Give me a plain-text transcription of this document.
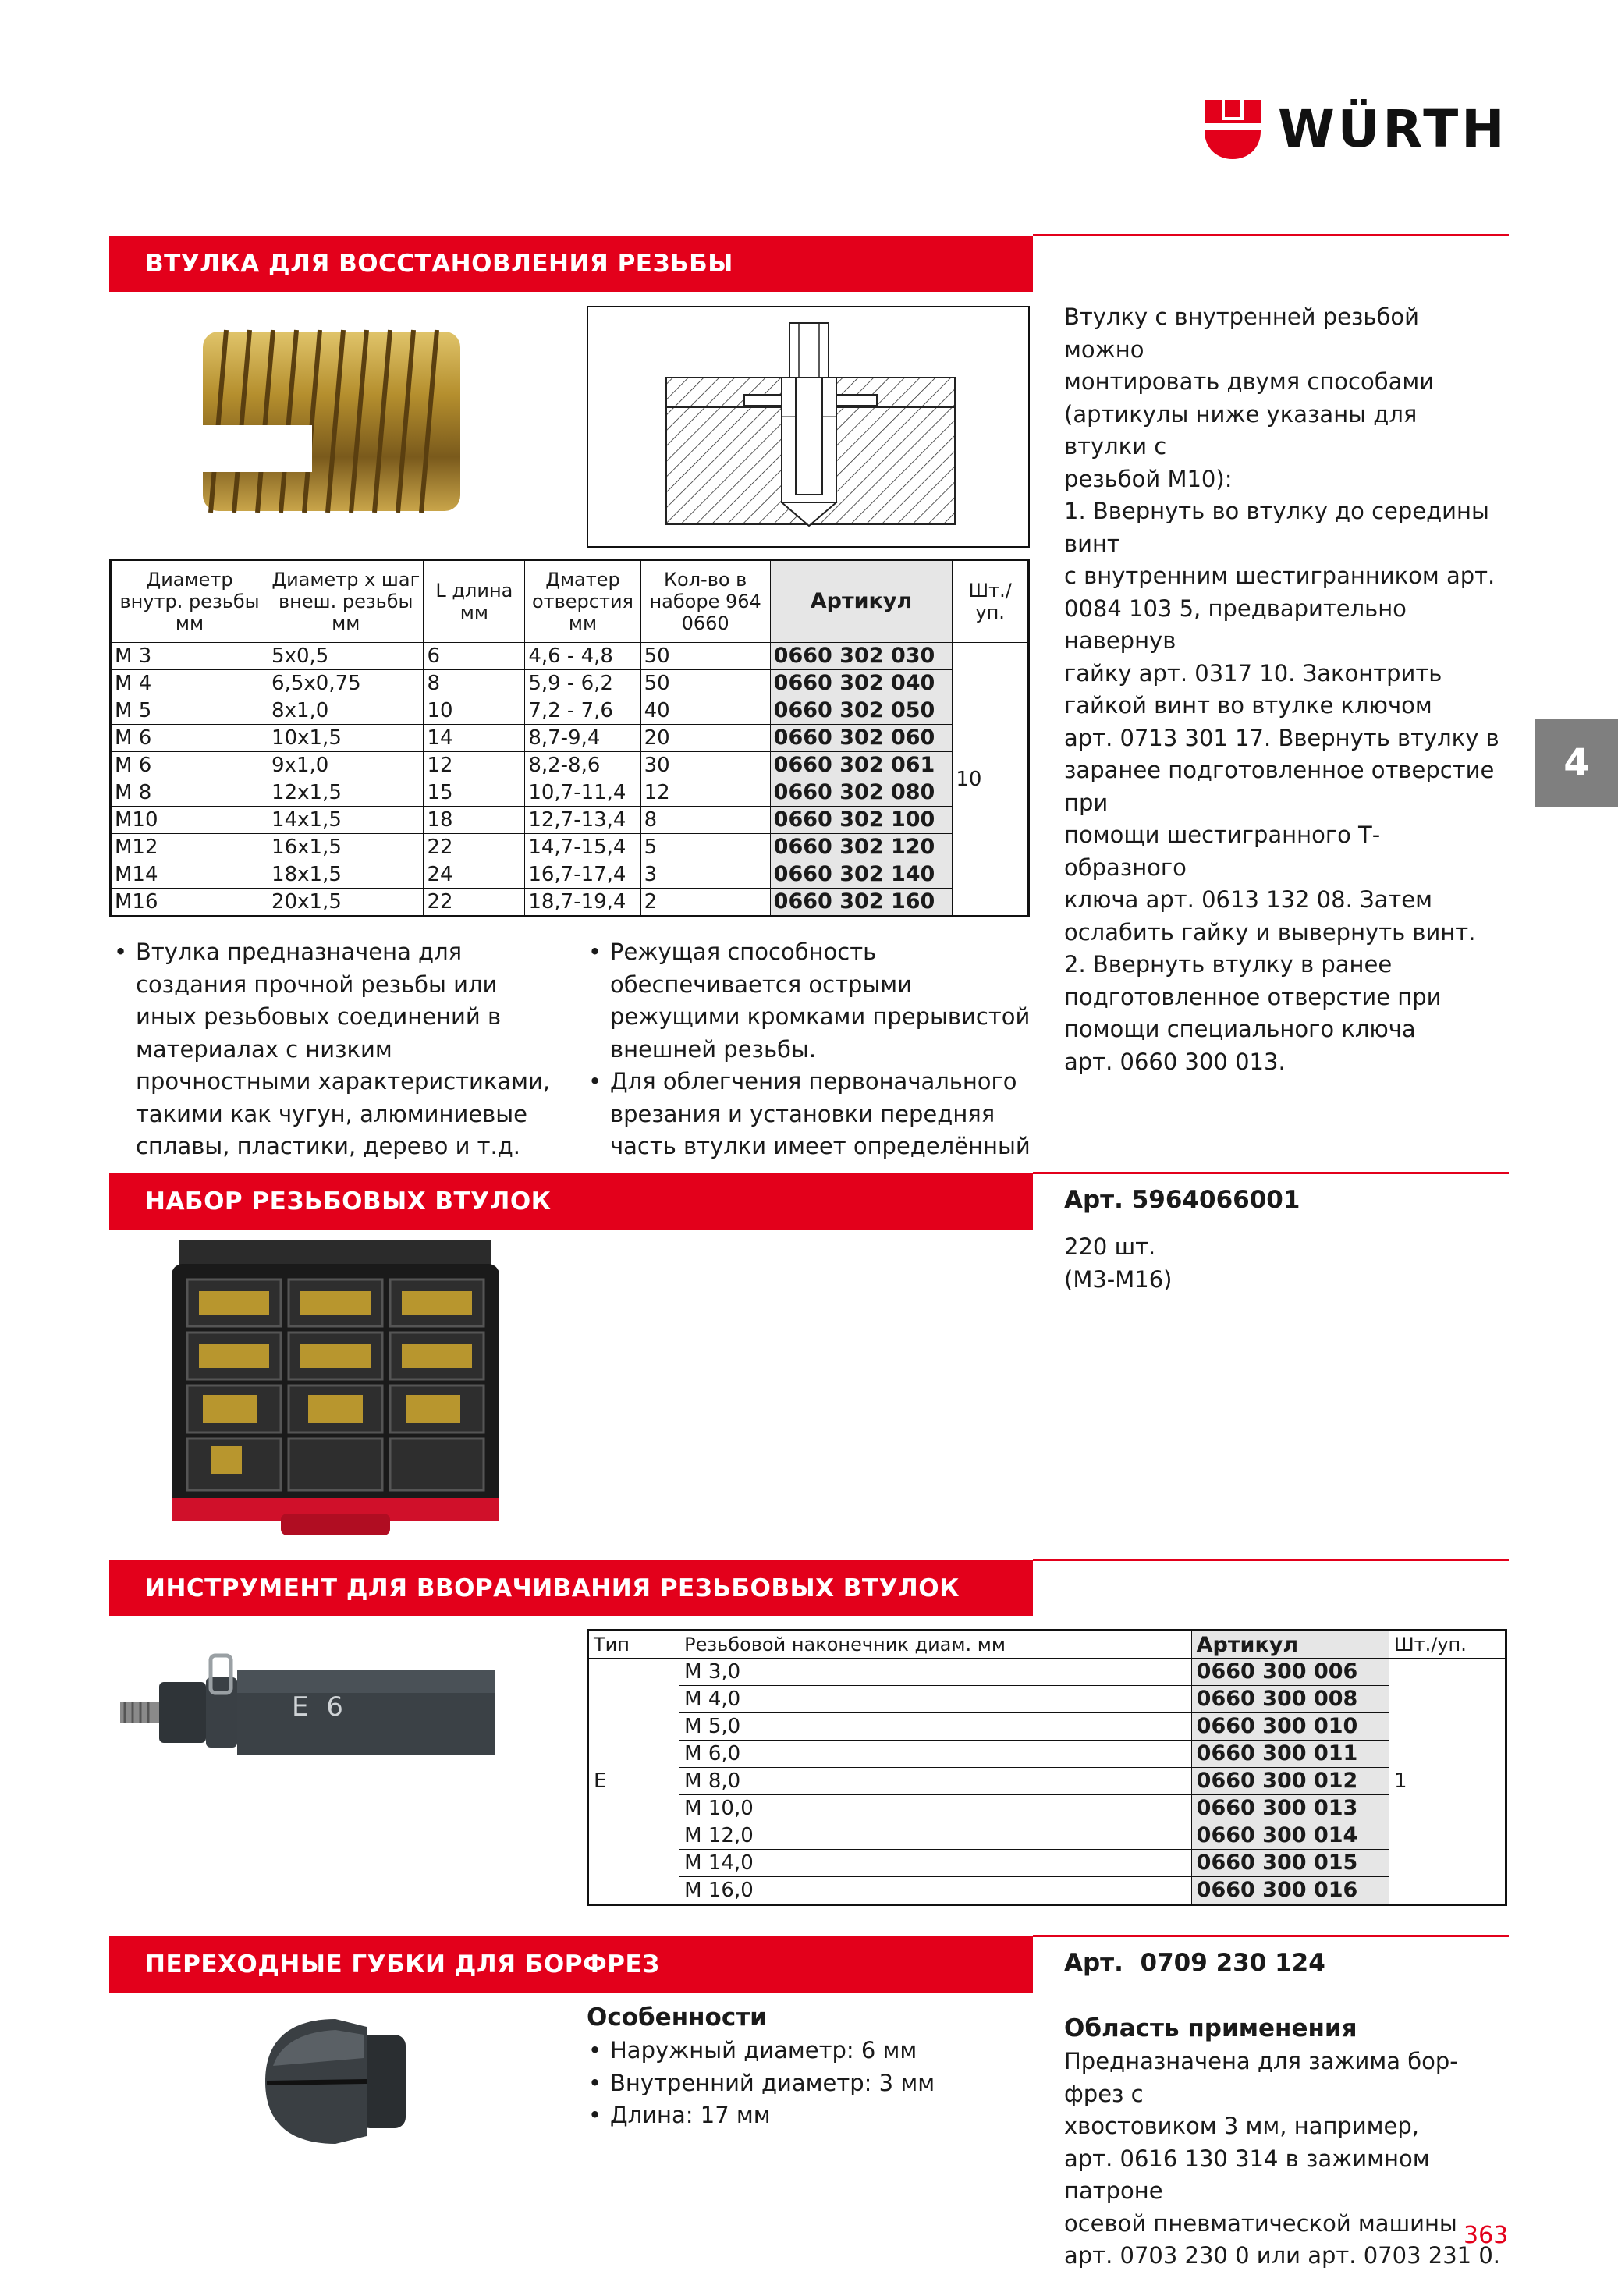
WÜRTH
4
ВТУЛКА ДЛЯ ВОССТАНОВЛЕНИЯ РЕЗЬБЫ
Втулку с внутренней резьбой можно
монтировать двумя способами
(артикулы ниже указаны для втулки с
резьбой М10):
1. Ввернуть во втулку до середины винт
с внутренним шестигранником арт.
0084 103 5, предварительно навернув
гайку арт. 0317 10. Законтрить
гайкой винт во втулке ключом
арт. 0713 301 17. Ввернуть втулку в
заранее подготовленное отверстие при
помощи шестигранного Т-образного
ключа арт. 0613 132 08. Затем
ослабить гайку и вывернуть винт.
2. Ввернуть втулку в ранее
подготовленное отверстие при
помощи специального ключа
арт. 0660 300 013.
Диаметр внутр. резьбы мм	Диаметр х шаг внеш. резьбы мм	L длина мм	Дматер отверстия мм	Кол-во в наборе 964 0660	Артикул	Шт./ уп.
M 3	5x0,5	6	4,6 - 4,8	50	0660 302 030	10
M 4	6,5x0,75	8	5,9 - 6,2	50	0660 302 040	
M 5	8x1,0	10	7,2 - 7,6	40	0660 302 050	
M 6	10x1,5	14	8,7-9,4	20	0660 302 060	
M 6	9x1,0	12	8,2-8,6	30	0660 302 061	
M 8	12x1,5	15	10,7-11,4	12	0660 302 080	
M10	14x1,5	18	12,7-13,4	8	0660 302 100	
M12	16x1,5	22	14,7-15,4	5	0660 302 120	
M14	18x1,5	24	16,7-17,4	3	0660 302 140	
M16	20x1,5	22	18,7-19,4	2	0660 302 160	
• Втулка предназначена для создания прочной резьбы или иных резьбовых соединений в материалах с низким прочностными характеристиками, такими как чугун, алюминиевые сплавы, пластики, дерево и т.д.
• Режущая способность обеспечивается острыми режущими кромками прерывистой внешней резьбы.
• Для облегчения первоначального врезания и установки передняя часть втулки имеет определённый
НАБОР РЕЗЬБОВЫХ ВТУЛОК	Арт. 5964066001
220 шт.
(M3-M16)
ИНСТРУМЕНТ ДЛЯ ВВОРАЧИВАНИЯ РЕЗЬБОВЫХ ВТУЛОК
E 6
Тип	Резьбовой наконечник диам. мм	Артикул	Шт./уп.
E	M 3,0	0660 300 006	1
	M 4,0	0660 300 008	
	M 5,0	0660 300 010	
	M 6,0	0660 300 011	
	M 8,0	0660 300 012	
	M 10,0	0660 300 013	
	M 12,0	0660 300 014	
	M 14,0	0660 300 015	
	M 16,0	0660 300 016	
ПЕРЕХОДНЫЕ ГУБКИ ДЛЯ БОРФРЕЗ	Арт.  0709 230 124
Особенности
• Наружный диаметр: 6 мм
• Внутренний диаметр: 3 мм
• Длина: 17 мм
Область применения
Предназначена для зажима бор-фрез с
хвостовиком 3 мм, например,
арт. 0616 130 314 в зажимном патроне
осевой пневматической машины
арт. 0703 230 0 или арт. 0703 231 0.
363
